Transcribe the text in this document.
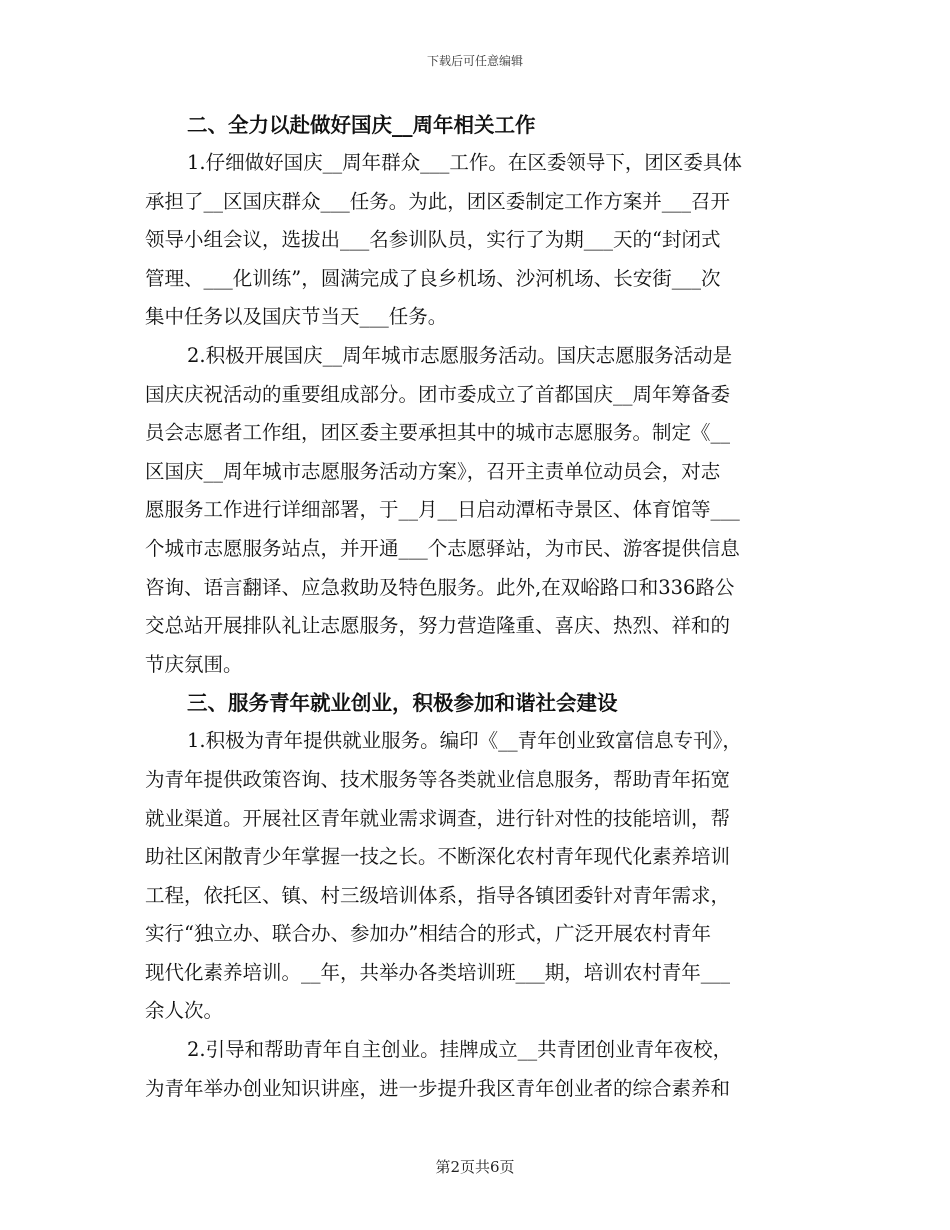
下载后可任意编辑
二、全力以赴做好国庆__周年相关工作

1.仔细做好国庆__周年群众___工作。在区委领导下，团区委具体
承担了__区国庆群众___任务。为此，团区委制定工作方案并___召开
领导小组会议，选拔出___名参训队员，实行了为期___天的“封闭式
管理、___化训练”，圆满完成了良乡机场、沙河机场、长安街___次
集中任务以及国庆节当天___任务。

2.积极开展国庆__周年城市志愿服务活动。国庆志愿服务活动是
国庆庆祝活动的重要组成部分。团市委成立了首都国庆__周年筹备委
员会志愿者工作组，团区委主要承担其中的城市志愿服务。制定《__
区国庆__周年城市志愿服务活动方案》，召开主责单位动员会，对志
愿服务工作进行详细部署，于__月__日启动潭柘寺景区、体育馆等___
个城市志愿服务站点，并开通___个志愿驿站，为市民、游客提供信息
咨询、语言翻译、应急救助及特色服务。此外,在双峪路口和336路公
交总站开展排队礼让志愿服务，努力营造隆重、喜庆、热烈、祥和的
节庆氛围。

三、服务青年就业创业，积极参加和谐社会建设

1.积极为青年提供就业服务。编印《__青年创业致富信息专刊》，
为青年提供政策咨询、技术服务等各类就业信息服务，帮助青年拓宽
就业渠道。开展社区青年就业需求调查，进行针对性的技能培训，帮
助社区闲散青少年掌握一技之长。不断深化农村青年现代化素养培训
工程，依托区、镇、村三级培训体系，指导各镇团委针对青年需求，
实行“独立办、联合办、参加办”相结合的形式，广泛开展农村青年
现代化素养培训。__年，共举办各类培训班___期，培训农村青年___
余人次。

2.引导和帮助青年自主创业。挂牌成立__共青团创业青年夜校，
为青年举办创业知识讲座，进一步提升我区青年创业者的综合素养和

第2页共6页
